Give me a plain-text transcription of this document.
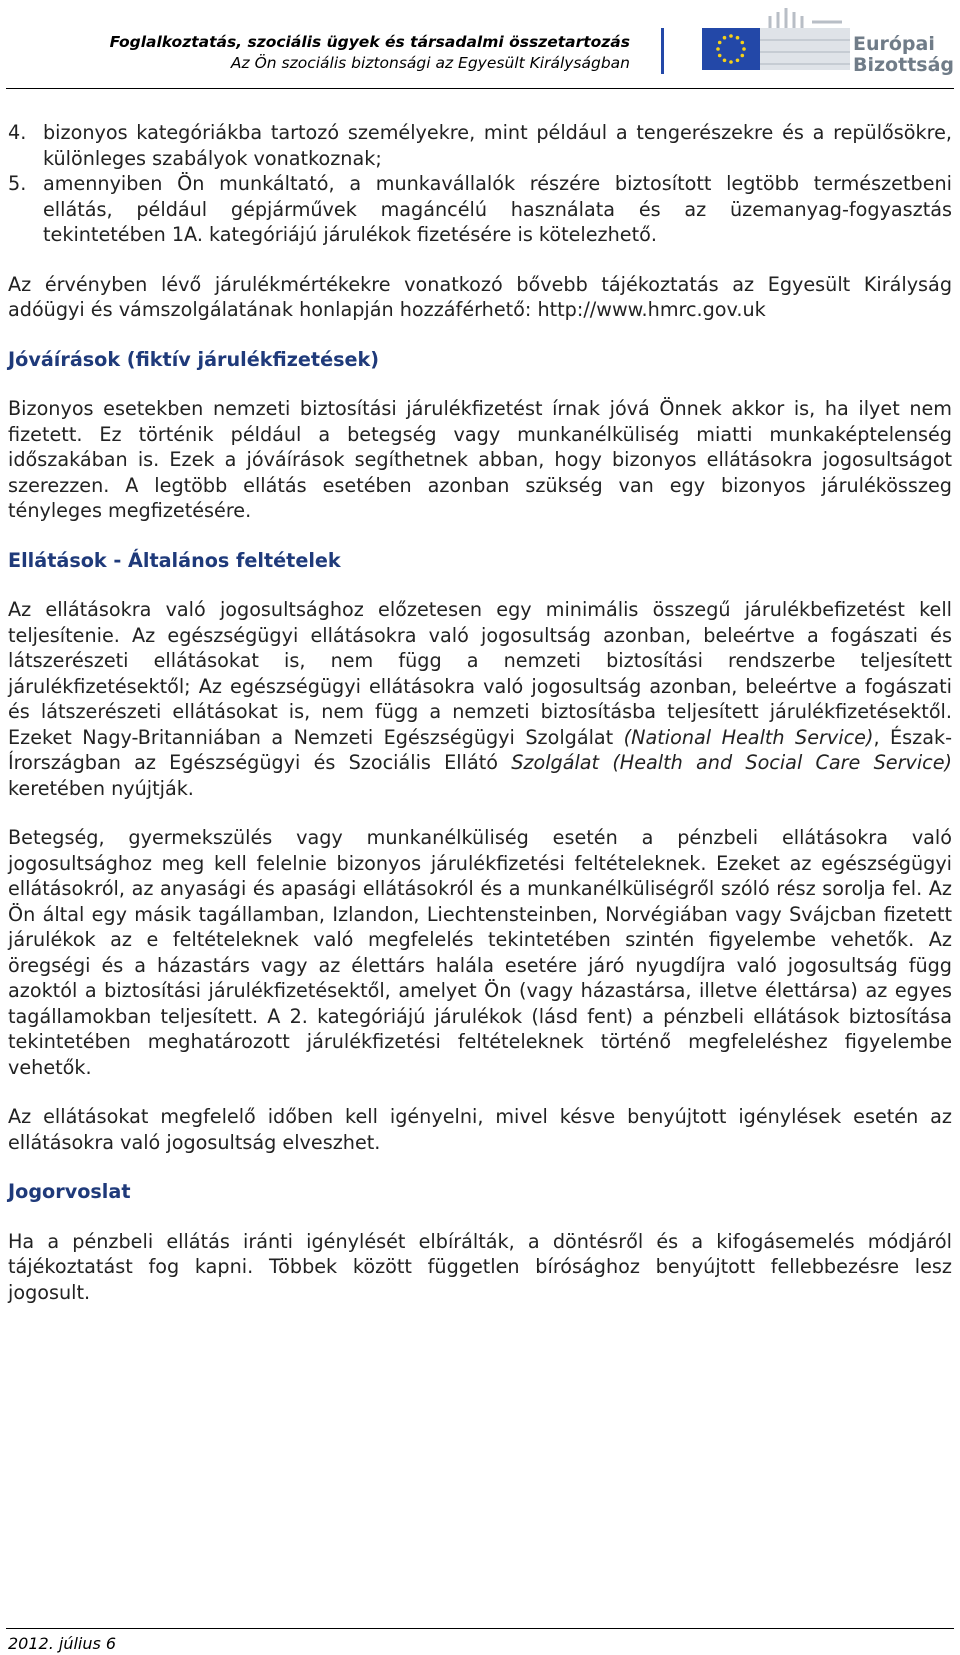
Foglalkoztatás, szociális ügyek és társadalmi összetartozás
Az Ön szociális biztonsági az Egyesült Királyságban
Európai
Bizottság
4. bizonyos kategóriákba tartozó személyekre, mint például a tengerészekre és a repülősökre, különleges szabályok vonatkoznak;
5. amennyiben Ön munkáltató, a munkavállalók részére biztosított legtöbb természetbeni ellátás, például gépjárművek magáncélú használata és az üzemanyag-fogyasztás tekintetében 1A. kategóriájú járulékok fizetésére is kötelezhető.

Az érvényben lévő járulékmértékekre vonatkozó bővebb tájékoztatás az Egyesült Királyság adóügyi és vámszolgálatának honlapján hozzáférhető: http://www.hmrc.gov.uk

Jóváírások (fiktív járulékfizetések)

Bizonyos esetekben nemzeti biztosítási járulékfizetést írnak jóvá Önnek akkor is, ha ilyet nem fizetett. Ez történik például a betegség vagy munkanélküliség miatti munkaképtelenség időszakában is. Ezek a jóváírások segíthetnek abban, hogy bizonyos ellátásokra jogosultságot szerezzen. A legtöbb ellátás esetében azonban szükség van egy bizonyos járulékösszeg tényleges megfizetésére.

Ellátások - Általános feltételek

Az ellátásokra való jogosultsághoz előzetesen egy minimális összegű járulékbefizetést kell teljesítenie. Az egészségügyi ellátásokra való jogosultság azonban, beleértve a fogászati és látszerészeti ellátásokat is, nem függ a nemzeti biztosítási rendszerbe teljesített járulékfizetésektől; Az egészségügyi ellátásokra való jogosultság azonban, beleértve a fogászati és látszerészeti ellátásokat is, nem függ a nemzeti biztosításba teljesített járulékfizetésektől. Ezeket Nagy-Britanniában a Nemzeti Egészségügyi Szolgálat (National Health Service), Észak-Írországban az Egészségügyi és Szociális Ellátó Szolgálat (Health and Social Care Service) keretében nyújtják.

Betegség, gyermekszülés vagy munkanélküliség esetén a pénzbeli ellátásokra való jogosultsághoz meg kell felelnie bizonyos járulékfizetési feltételeknek. Ezeket az egészségügyi ellátásokról, az anyasági és apasági ellátásokról és a munkanélküliségről szóló rész sorolja fel. Az Ön által egy másik tagállamban, Izlandon, Liechtensteinben, Norvégiában vagy Svájcban fizetett járulékok az e feltételeknek való megfelelés tekintetében szintén figyelembe vehetők. Az öregségi és a házastárs vagy az élettárs halála esetére járó nyugdíjra való jogosultság függ azoktól a biztosítási járulékfizetésektől, amelyet Ön (vagy házastársa, illetve élettársa) az egyes tagállamokban teljesített. A 2. kategóriájú járulékok (lásd fent) a pénzbeli ellátások biztosítása tekintetében meghatározott járulékfizetési feltételeknek történő megfeleléshez figyelembe vehetők.

Az ellátásokat megfelelő időben kell igényelni, mivel késve benyújtott igénylések esetén az ellátásokra való jogosultság elveszhet.

Jogorvoslat

Ha a pénzbeli ellátás iránti igénylését elbírálták, a döntésről és a kifogásemelés módjáról tájékoztatást fog kapni. Többek között független bírósághoz benyújtott fellebbezésre lesz jogosult.

2012. július 6
